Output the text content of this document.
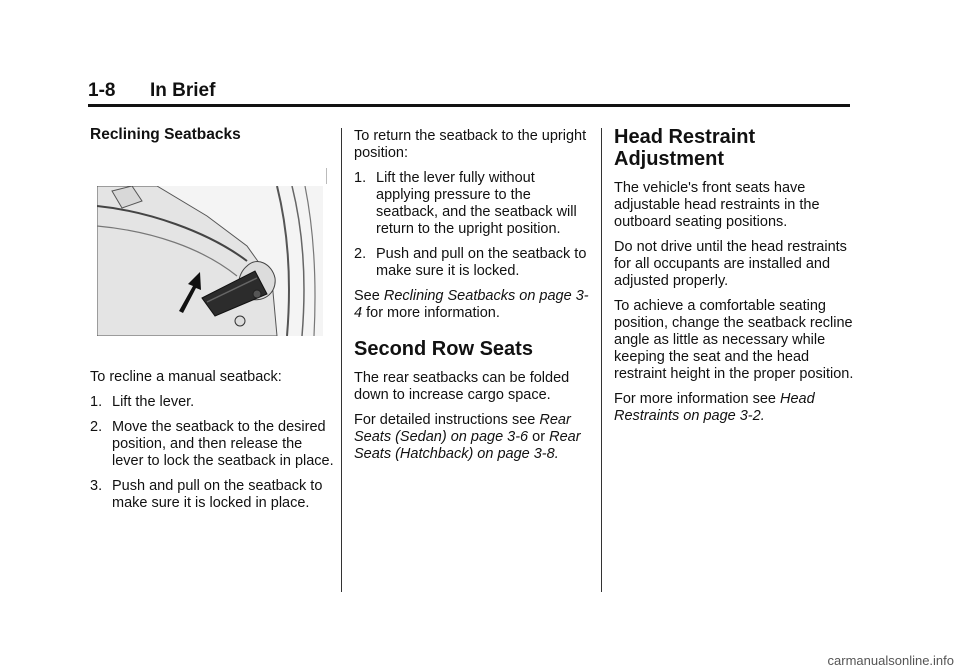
1-8 In Brief
Reclining Seatbacks

To recline a manual seatback:

1. Lift the lever.
2. Move the seatback to the desired position, and then release the lever to lock the seatback in place.
3. Push and pull on the seatback to make sure it is locked in place.

To return the seatback to the upright position:

1. Lift the lever fully without applying pressure to the seatback, and the seatback will return to the upright position.
2. Push and pull on the seatback to make sure it is locked.

See Reclining Seatbacks on page 3-4 for more information.

Second Row Seats

The rear seatbacks can be folded down to increase cargo space.

For detailed instructions see Rear Seats (Sedan) on page 3-6 or Rear Seats (Hatchback) on page 3-8.

Head Restraint
Adjustment

The vehicle's front seats have adjustable head restraints in the outboard seating positions.

Do not drive until the head restraints for all occupants are installed and adjusted properly.

To achieve a comfortable seating position, change the seatback recline angle as little as necessary while keeping the seat and the head restraint height in the proper position.

For more information see Head Restraints on page 3-2.

carmanualsonline.info
